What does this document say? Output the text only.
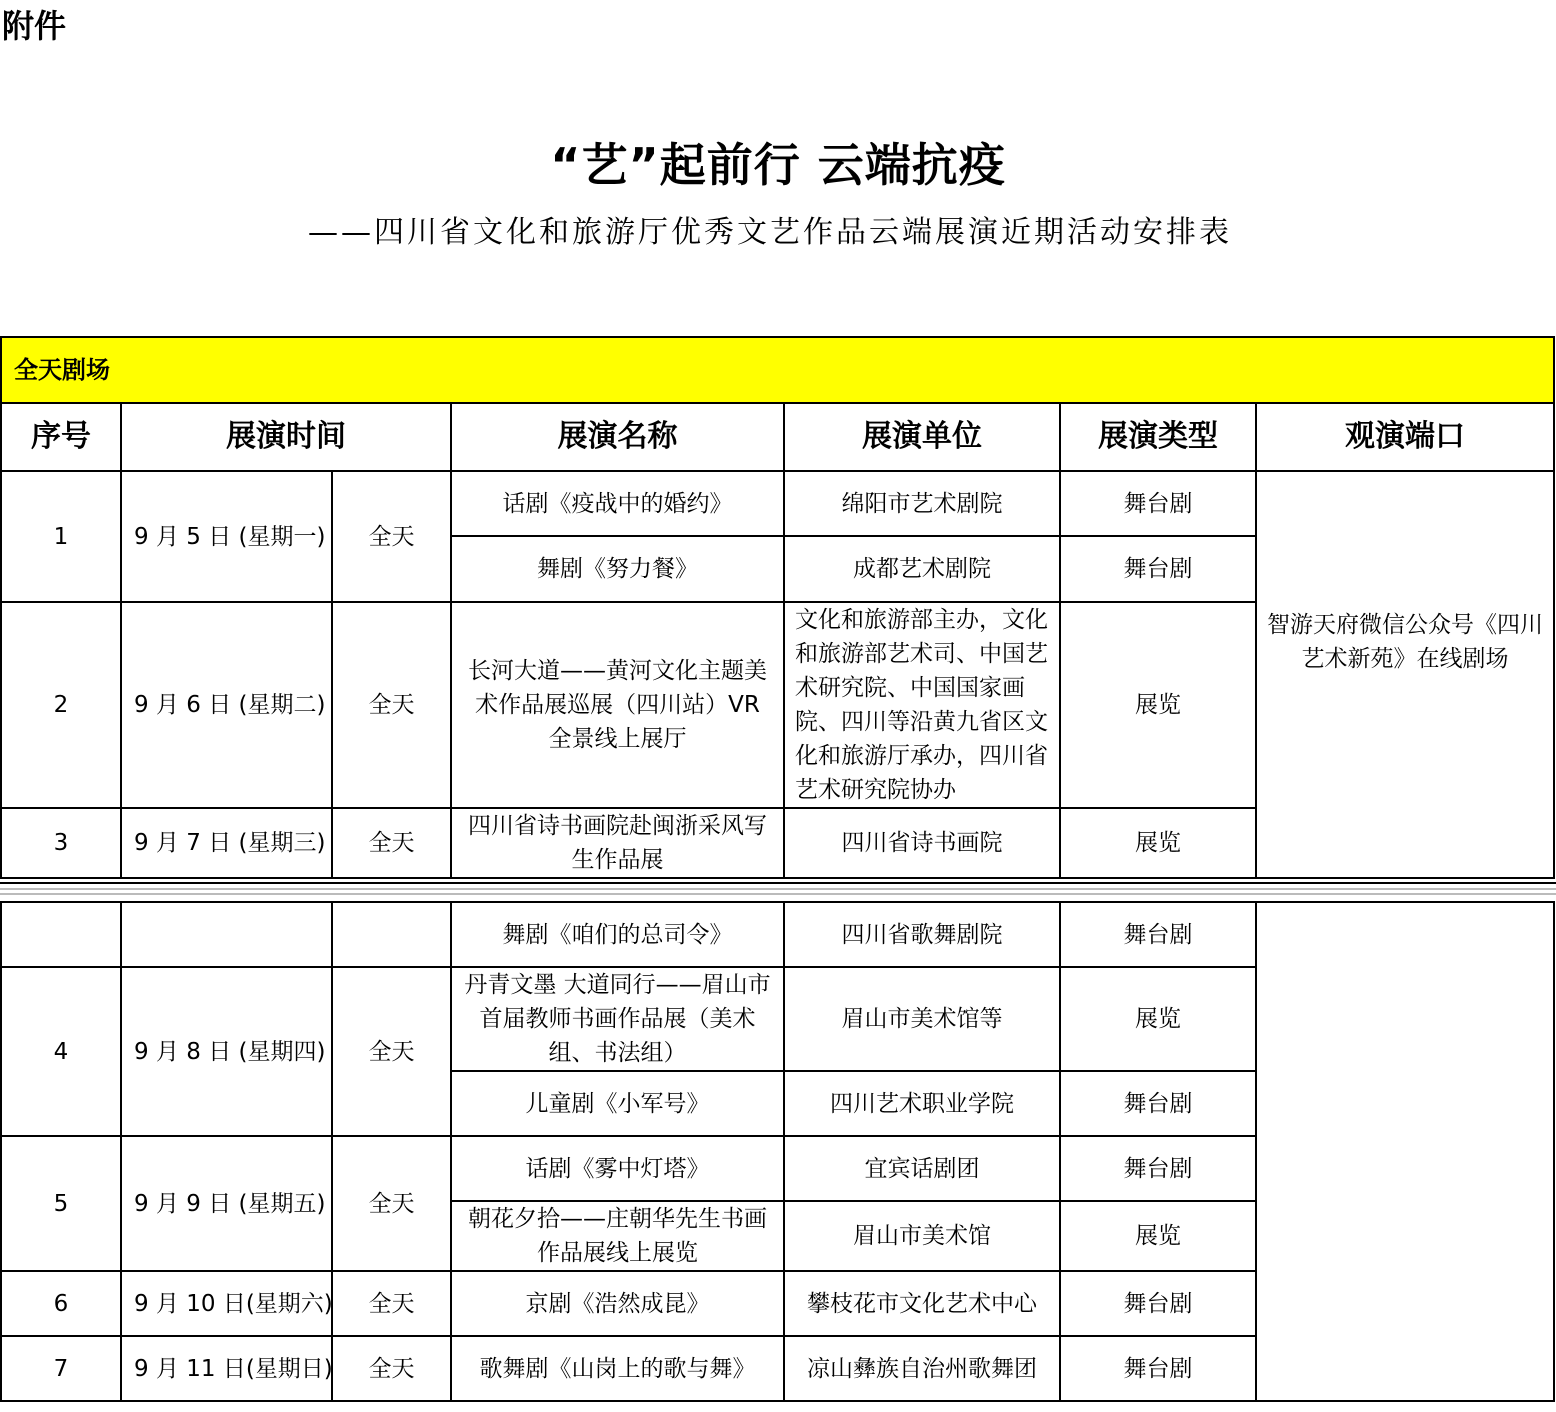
附件
“艺”起前行 云端抗疫
——四川省文化和旅游厅优秀文艺作品云端展演近期活动安排表
全天剧场						
序号	展演时间		展演名称	展演单位	展演类型	观演端口
1	9 月 5 日 (星期一)	全天	话剧《疫战中的婚约》	绵阳市艺术剧院	舞台剧	智游天府微信公众号《四川艺术新苑》在线剧场
			舞剧《努力餐》	成都艺术剧院	舞台剧	
2	9 月 6 日 (星期二)	全天	长河大道——黄河文化主题美术作品展巡展（四川站）VR 全景线上展厅	文化和旅游部主办，文化和旅游部艺术司、中国艺术研究院、中国国家画院、四川等沿黄九省区文化和旅游厅承办，四川省艺术研究院协办	展览	
3	9 月 7 日 (星期三)	全天	四川省诗书画院赴闽浙采风写生作品展	四川省诗书画院	展览	
			舞剧《咱们的总司令》	四川省歌舞剧院	舞台剧	
4	9 月 8 日 (星期四)	全天	丹青文墨 大道同行——眉山市首届教师书画作品展（美术组、书法组）	眉山市美术馆等	展览	
			儿童剧《小军号》	四川艺术职业学院	舞台剧	
5	9 月 9 日 (星期五)	全天	话剧《雾中灯塔》	宜宾话剧团	舞台剧	
			朝花夕拾——庄朝华先生书画作品展线上展览	眉山市美术馆	展览	
6	9 月 10 日(星期六)	全天	京剧《浩然成昆》	攀枝花市文化艺术中心	舞台剧	
7	9 月 11 日(星期日)	全天	歌舞剧《山岗上的歌与舞》	凉山彝族自治州歌舞团	舞台剧	
